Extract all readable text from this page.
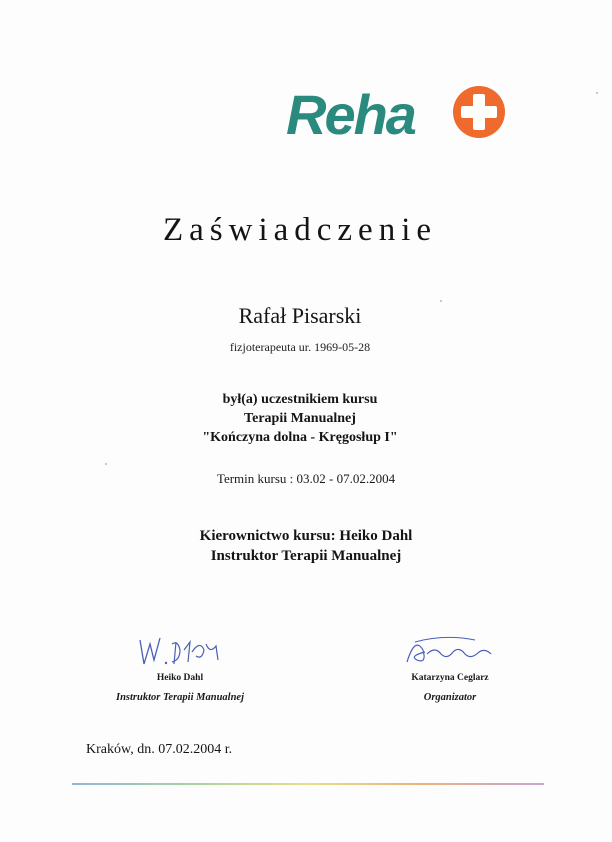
Reha
Zaświadczenie
Rafał Pisarski
fizjoterapeuta ur. 1969-05-28
był(a) uczestnikiem kursu
Terapii Manualnej
"Kończyna dolna - Kręgosłup I"
Termin kursu : 03.02 - 07.02.2004
Kierownictwo kursu: Heiko Dahl
Instruktor Terapii Manualnej
Heiko Dahl
Instruktor Terapii Manualnej
Katarzyna Ceglarz
Organizator
Kraków, dn. 07.02.2004 r.
